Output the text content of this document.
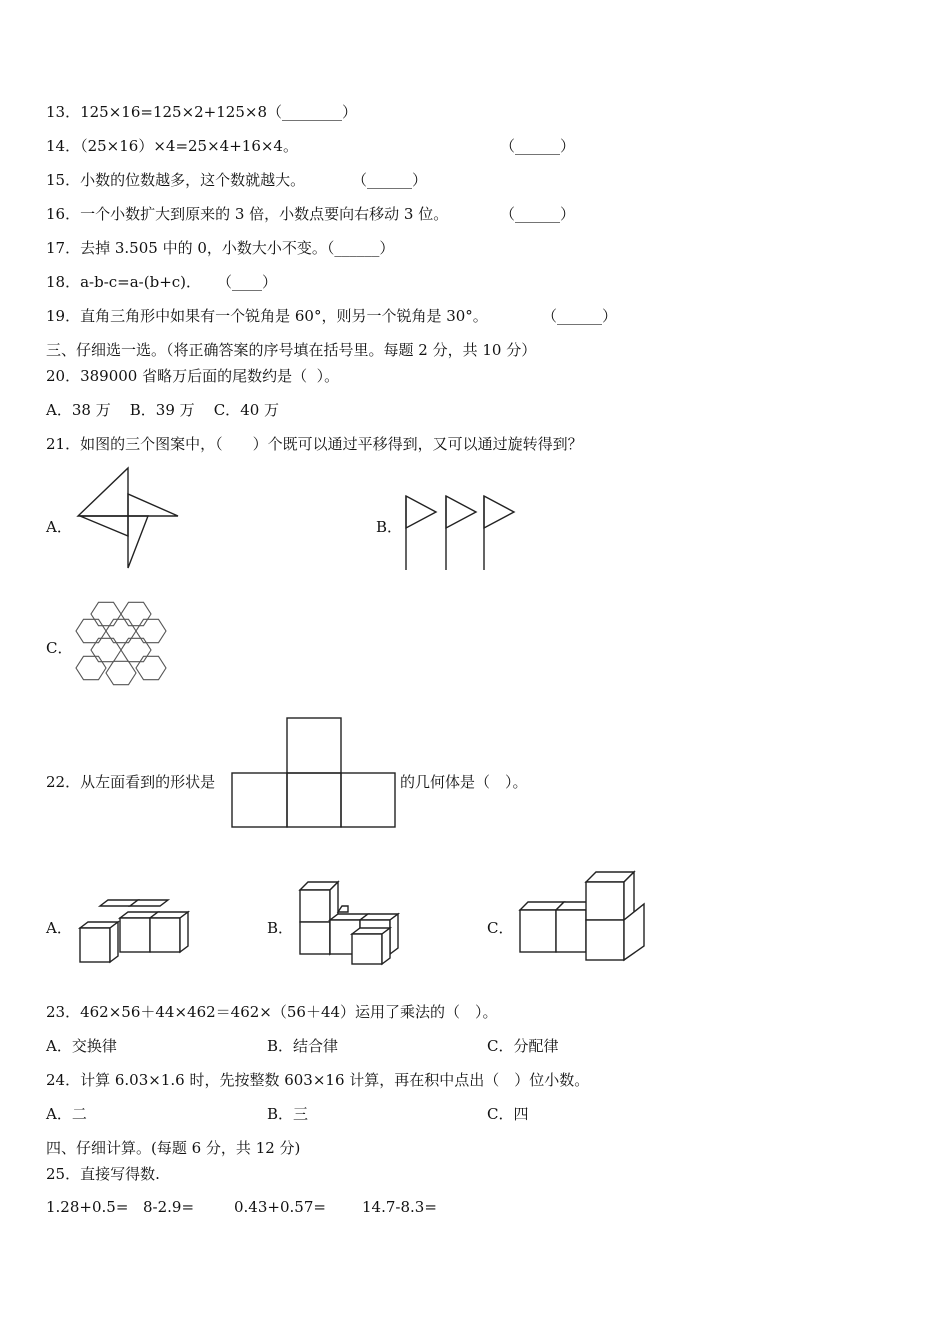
13．125×16=125×2+125×8（________）
14．（25×16）×4=25×4+16×4。	（______）
15．小数的位数越多，这个数就越大。	（______）
16．一个小数扩大到原来的 3 倍，小数点要向右移动 3 位。	（______）
17．去掉 3.505 中的 0，小数大小不变。（______）
18．a-b-c=a-(b+c)． （____）
19．直角三角形中如果有一个锐角是 60°，则另一个锐角是 30°。	（______）
三、仔细选一选。（将正确答案的序号填在括号里。每题 2 分，共 10 分）
20．389000 省略万后面的尾数约是（  ）。
A．38 万    B．39 万    C．40 万
21．如图的三个图案中，（　　）个既可以通过平移得到，又可以通过旋转得到？
A．	B．
C．
22．从左面看到的形状是	的几何体是（　）。
A．	B．	C．
23．462×56＋44×462＝462×（56＋44）运用了乘法的（　）。
A．交换律	B．结合律	C．分配律
24．计算 6.03×1.6 时，先按整数 603×16 计算，再在积中点出（　）位小数。
A．二	B．三	C．四
四、仔细计算。(每题 6 分，共 12 分)
25．直接写得数.
1.28+0.5= 8-2.9=	0.43+0.57= 14.7-8.3=
